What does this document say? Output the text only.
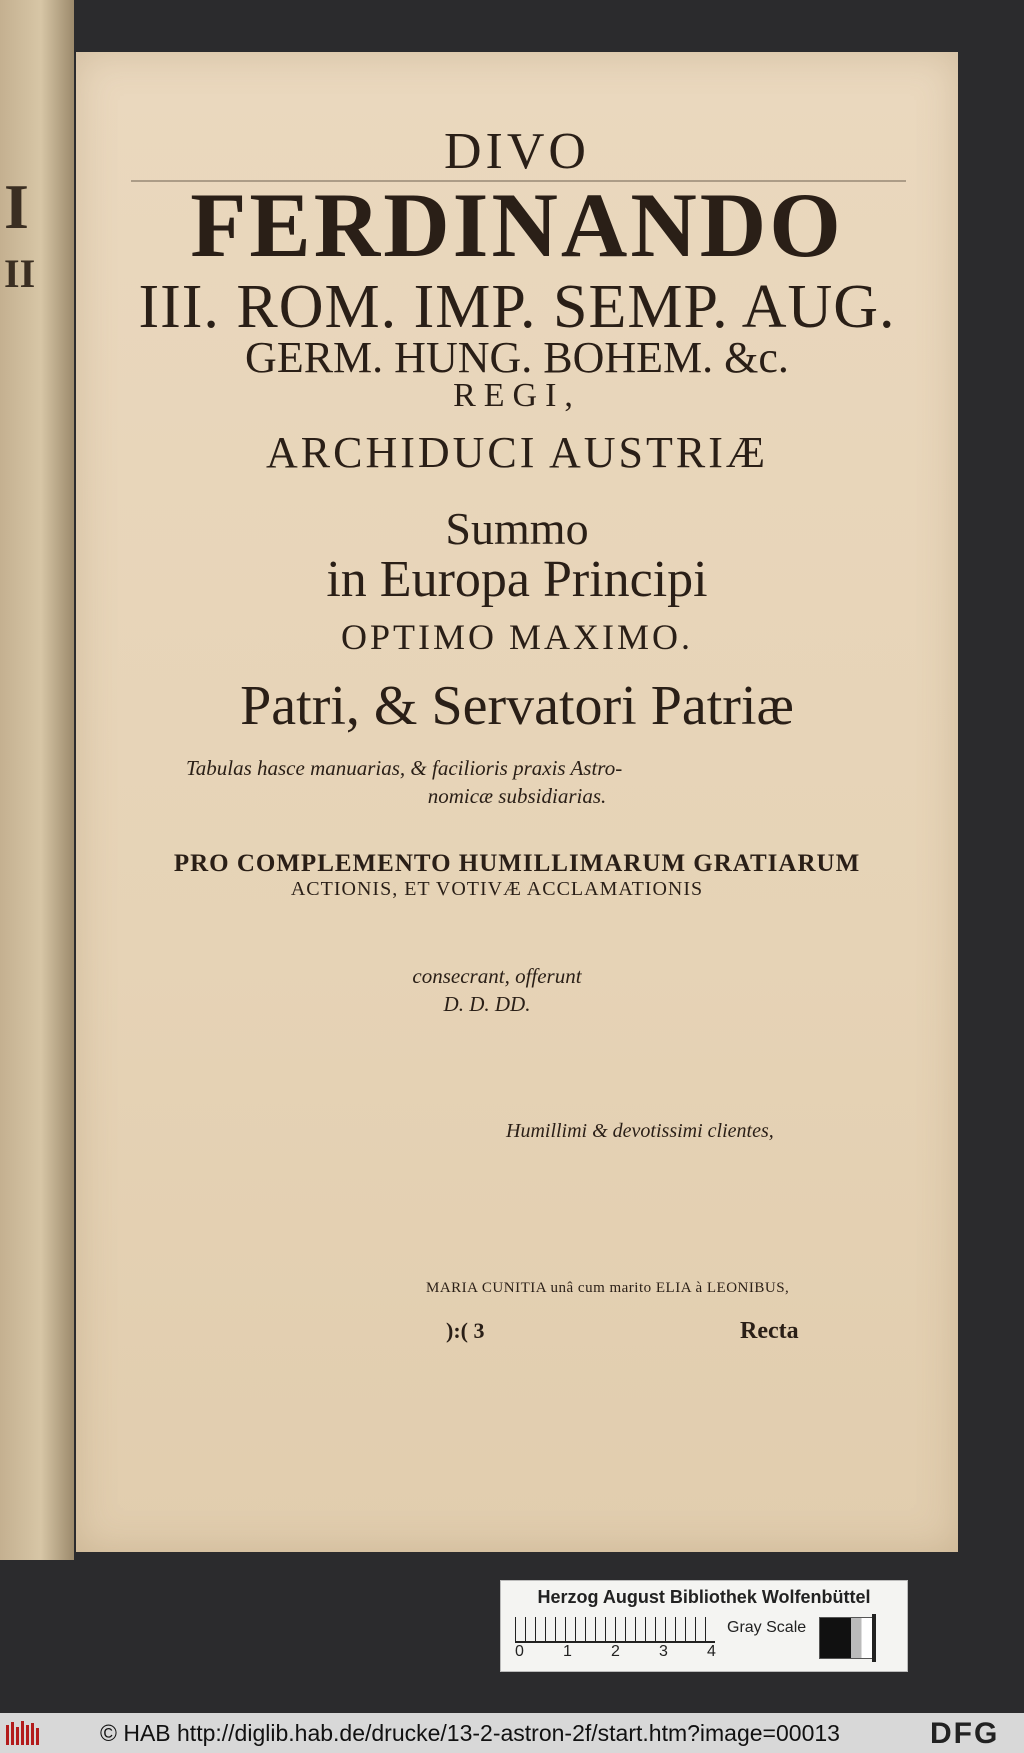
I
II

DIVO
FERDINANDO
III. ROM. IMP. SEMP. AUG.
GERM. HUNG. BOHEM. &c.
REGI,
ARCHIDUCI AUSTRIÆ
Summo
in Europa Principi
OPTIMO MAXIMO.
Patri, & Servatori Patriæ
Tabulas hasce manuarias, & facilioris praxis Astro-
nomicæ subsidiarias.
PRO COMPLEMENTO HUMILLIMARUM GRATIARUM
ACTIONIS, ET VOTIVÆ ACCLAMATIONIS
consecrant, offerunt
D. D. DD.
Humillimi & devotissimi clientes,
MARIA CUNITIA unâ cum marito ELIA à LEONIBUS,
):( 3	Recta
Herzog August Bibliothek Wolfenbüttel
0 1 2 3 4
Gray Scale
© HAB http://diglib.hab.de/drucke/13-2-astron-2f/start.htm?image=00013	DFG
